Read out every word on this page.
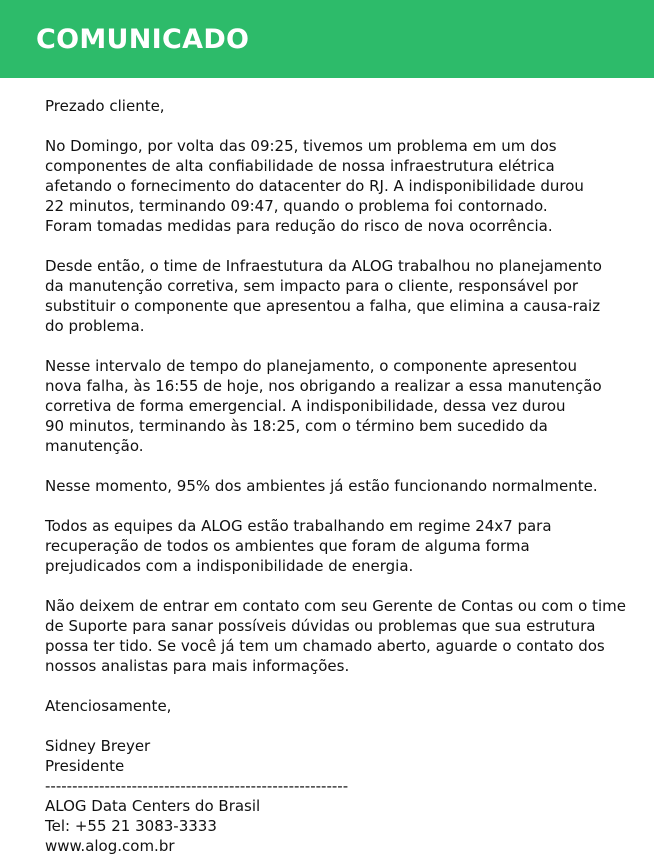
COMUNICADO

Prezado cliente,

No Domingo, por volta das 09:25, tivemos um problema em um dos
componentes de alta confiabilidade de nossa infraestrutura elétrica
afetando o fornecimento do datacenter do RJ. A indisponibilidade durou
22 minutos, terminando 09:47, quando o problema foi contornado.
Foram tomadas medidas para redução do risco de nova ocorrência.

Desde então, o time de Infraestutura da ALOG trabalhou no planejamento
da manutenção corretiva, sem impacto para o cliente, responsável por
substituir o componente que apresentou a falha, que elimina a causa-raiz
do problema.

Nesse intervalo de tempo do planejamento, o componente apresentou
nova falha, às 16:55 de hoje, nos obrigando a realizar a essa manutenção
corretiva de forma emergencial. A indisponibilidade, dessa vez durou
90 minutos, terminando às 18:25, com o término bem sucedido da
manutenção.

Nesse momento, 95% dos ambientes já estão funcionando normalmente.

Todos as equipes da ALOG estão trabalhando em regime 24x7 para
recuperação de todos os ambientes que foram de alguma forma
prejudicados com a indisponibilidade de energia.

Não deixem de entrar em contato com seu Gerente de Contas ou com o time
de Suporte para sanar possíveis dúvidas ou problemas que sua estrutura
possa ter tido. Se você já tem um chamado aberto, aguarde o contato dos
nossos analistas para mais informações.

Atenciosamente,

Sidney Breyer
Presidente
--------------------------------------------------------
ALOG Data Centers do Brasil
Tel: +55 21 3083-3333
www.alog.com.br
